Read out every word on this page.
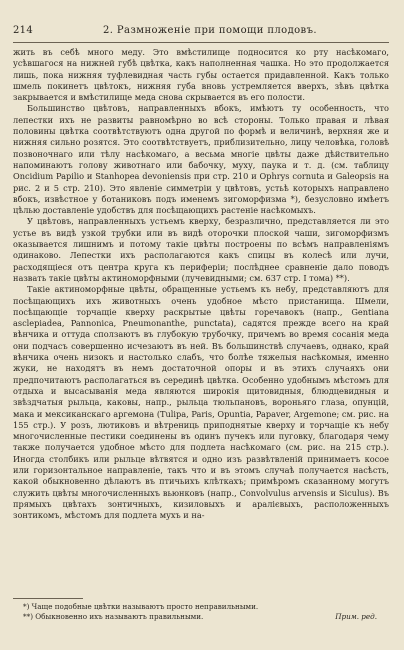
214	2. Размноженіе при помощи плодовъ.

жить въ себѣ много меду. Это вмѣстилище подносится ко рту насѣкомаго, усѣвшагося на нижней губѣ цвѣтка, какъ наполненная чашка. Но это продолжается лишь, пока нижняя туфлевидная часть губы остается придавленной. Какъ только шмель покинетъ цвѣтокъ, нижняя губа вновь устремляется вверхъ, зѣвъ цвѣтка закрывается и вмѣстилище меда снова скрывается въ его полости.

Большинство цвѣтовъ, направленныхъ вбокъ, имѣютъ ту особенность, что лепестки ихъ не развиты равномѣрно во всѣ стороны. Только правая и лѣвая половины цвѣтка соотвѣтствуютъ одна другой по формѣ и величинѣ, верхняя же и нижняя сильно розятся. Это соотвѣтствуетъ, приблизительно, лицу человѣка, головѣ позвоночнаго или тѣлу насѣкомаго, а весьма многіе цвѣты даже дѣйствительно напоминаютъ голову животнаго или бабочку, муху, паука и т. д. (см. таблицу Oncidium Papilio и Stanhopea devoniensis при стр. 210 и Ophrys cornuta и Galeopsis на рис. 2 и 5 стр. 210). Это явленіе симметріи у цвѣтовъ, устьѣ которыхъ направлено вбокъ, извѣстное у ботаниковъ подъ именемъ зигоморфизма *), безусловно имѣетъ цѣлью доставленіе удобствъ для посѣщающихъ растеніе насѣкомыхъ.

У цвѣтовъ, направленныхъ устьемъ кверху, безразлично, представляется ли это устье въ видѣ узкой трубки или въ видѣ оторочки плоской чаши, зигоморфизмъ оказывается лишнимъ и потому такіе цвѣты построены по всѣмъ направленіямъ одинаково. Лепестки ихъ располагаются какъ спицы въ колесѣ или лучи, расходящіеся отъ центра круга къ периферіи; послѣднее сравненіе дало поводъ назвать такіе цвѣты актиноморфными (лучевидными; см. 637 стр. I тома) **).

Такіе актиноморфные цвѣты, обращенные устьемъ къ небу, представляютъ для посѣщающихъ ихъ животныхъ очень удобное мѣсто пристанища. Шмели, посѣщающіе торчащіе кверху раскрытые цвѣты горечавокъ (напр., Gentiana asclepiadea, Pannonica, Pneumonanthe, punctata), садятся прежде всего на край вѣнчика и оттуда сползаютъ въ глубокую трубочку, причемъ во время сосанія меда они подчасъ совершенно исчезаютъ въ ней. Въ большинствѣ случаевъ, однако, край вѣнчика очень низокъ и настолько слабъ, что болѣе тяжелыя насѣкомыя, именно жуки, не находятъ въ немъ достаточной опоры и въ этихъ случаяхъ они предпочитаютъ располагаться въ серединѣ цвѣтка. Особенно удобнымъ мѣстомъ для отдыха и высасыванія меда являются широкія щитовидныя, блюдцевидныя и звѣздчатыя рыльца, каковы, напр., рыльца тюльпановъ, вороньяго глаза, опунцій, мака и мексиканскаго аргемона (Tulipa, Paris, Opuntia, Papaver, Argemone; см. рис. на 155 стр.). У розъ, лютиковъ и вѣтрениць приподнятые кверху и торчащіе къ небу многочисленные пестики соединены въ одинъ пучекъ или пуговку, благодаря чему также получается удобное мѣсто для подлета насѣкомаго (см. рис. на 215 стр.). Иногда столбикъ или рыльце вѣтвятся и одно изъ развѣтвленій принимаетъ косое или горизонтальное направленіе, такъ что и въ этомъ случаѣ получается насѣсть, какой обыкновенно дѣлаютъ въ птичьихъ клѣткахъ; примѣромъ сказанному могутъ служить цвѣты многочисленныхъ вьюнковъ (напр., Convolvulus arvensis и Siculus). Въ прямыхъ цвѣтахъ зонтичныхъ, кизиловыхъ и аралієвыхъ, расположенныхъ зонтикомъ, мѣстомъ для подлета мухъ и на-

*) Чаще подобные цвѣтки называютъ просто неправильными.

**) Обыкновенно ихъ называютъ правильными.	Прим. ред.
